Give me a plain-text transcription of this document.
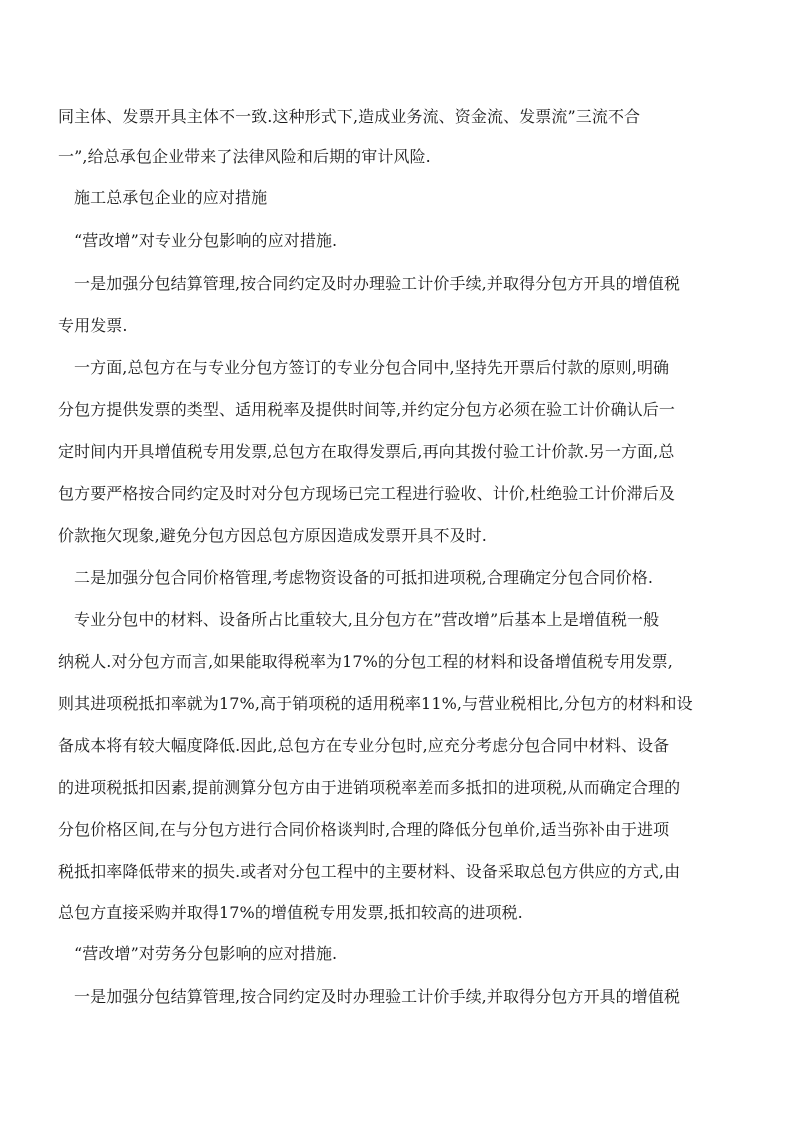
同主体、发票开具主体不一致.这种形式下,造成业务流、资金流、发票流”三流不合
一”,给总承包企业带来了法律风险和后期的审计风险.
施工总承包企业的应对措施
“营改增”对专业分包影响的应对措施.
一是加强分包结算管理,按合同约定及时办理验工计价手续,并取得分包方开具的增值税
专用发票.
一方面,总包方在与专业分包方签订的专业分包合同中,坚持先开票后付款的原则,明确
分包方提供发票的类型、适用税率及提供时间等,并约定分包方必须在验工计价确认后一
定时间内开具增值税专用发票,总包方在取得发票后,再向其拨付验工计价款.另一方面,总
包方要严格按合同约定及时对分包方现场已完工程进行验收、计价,杜绝验工计价滞后及
价款拖欠现象,避免分包方因总包方原因造成发票开具不及时.
二是加强分包合同价格管理,考虑物资设备的可抵扣进项税,合理确定分包合同价格.
专业分包中的材料、设备所占比重较大,且分包方在”营改增”后基本上是增值税一般
纳税人.对分包方而言,如果能取得税率为17%的分包工程的材料和设备增值税专用发票,
则其进项税抵扣率就为17%,高于销项税的适用税率11%,与营业税相比,分包方的材料和设
备成本将有较大幅度降低.因此,总包方在专业分包时,应充分考虑分包合同中材料、设备
的进项税抵扣因素,提前测算分包方由于进销项税率差而多抵扣的进项税,从而确定合理的
分包价格区间,在与分包方进行合同价格谈判时,合理的降低分包单价,适当弥补由于进项
税抵扣率降低带来的损失.或者对分包工程中的主要材料、设备采取总包方供应的方式,由
总包方直接采购并取得17%的增值税专用发票,抵扣较高的进项税.
“营改增”对劳务分包影响的应对措施.
一是加强分包结算管理,按合同约定及时办理验工计价手续,并取得分包方开具的增值税
